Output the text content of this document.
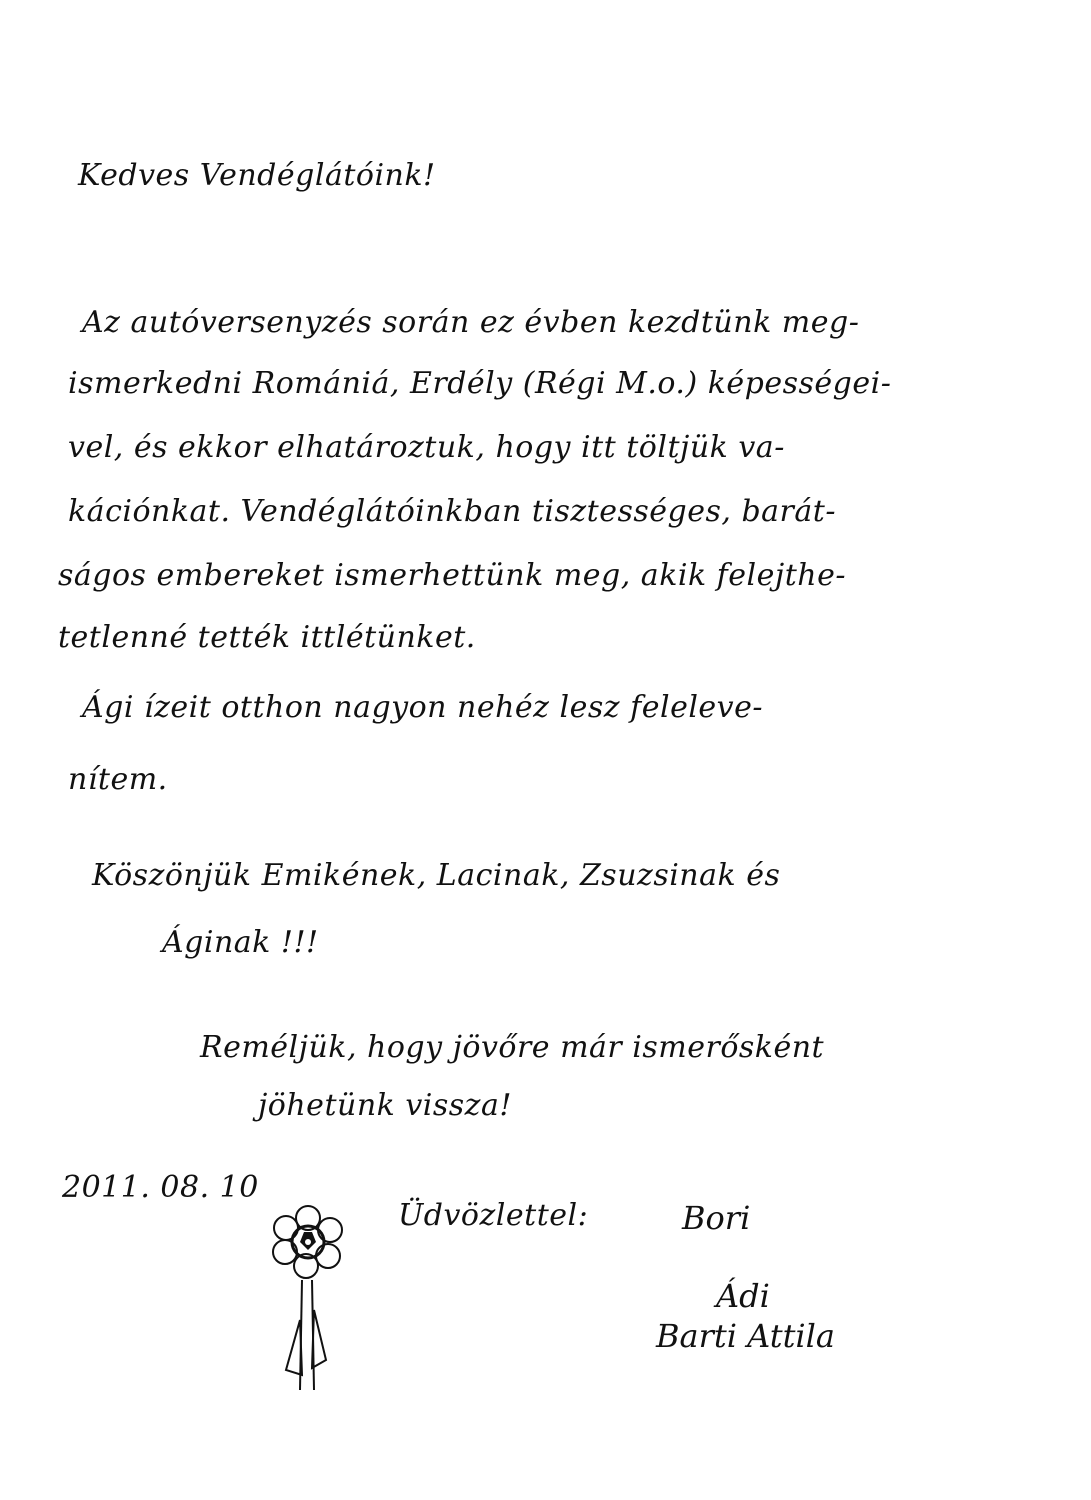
Kedves Vendéglátóink!
Az autóversenyzés során ez évben kezdtünk meg-
ismerkedni Romániá, Erdély (Régi M.o.) képességei-
vel, és ekkor elhatároztuk, hogy itt töltjük va-
kációnkat. Vendéglátóinkban tisztességes, barát-
ságos embereket ismerhettünk meg, akik felejthe-
tetlenné tették ittlétünket.
Ági ízeit otthon nagyon nehéz lesz feleleve-
nítem.
Köszönjük Emikének, Lacinak, Zsuzsinak és
Áginak !!!
Reméljük, hogy jövőre már ismerősként
jöhetünk vissza!
2011. 08. 10
Üdvözlettel:	Bori
Ádi
Barti Attila
